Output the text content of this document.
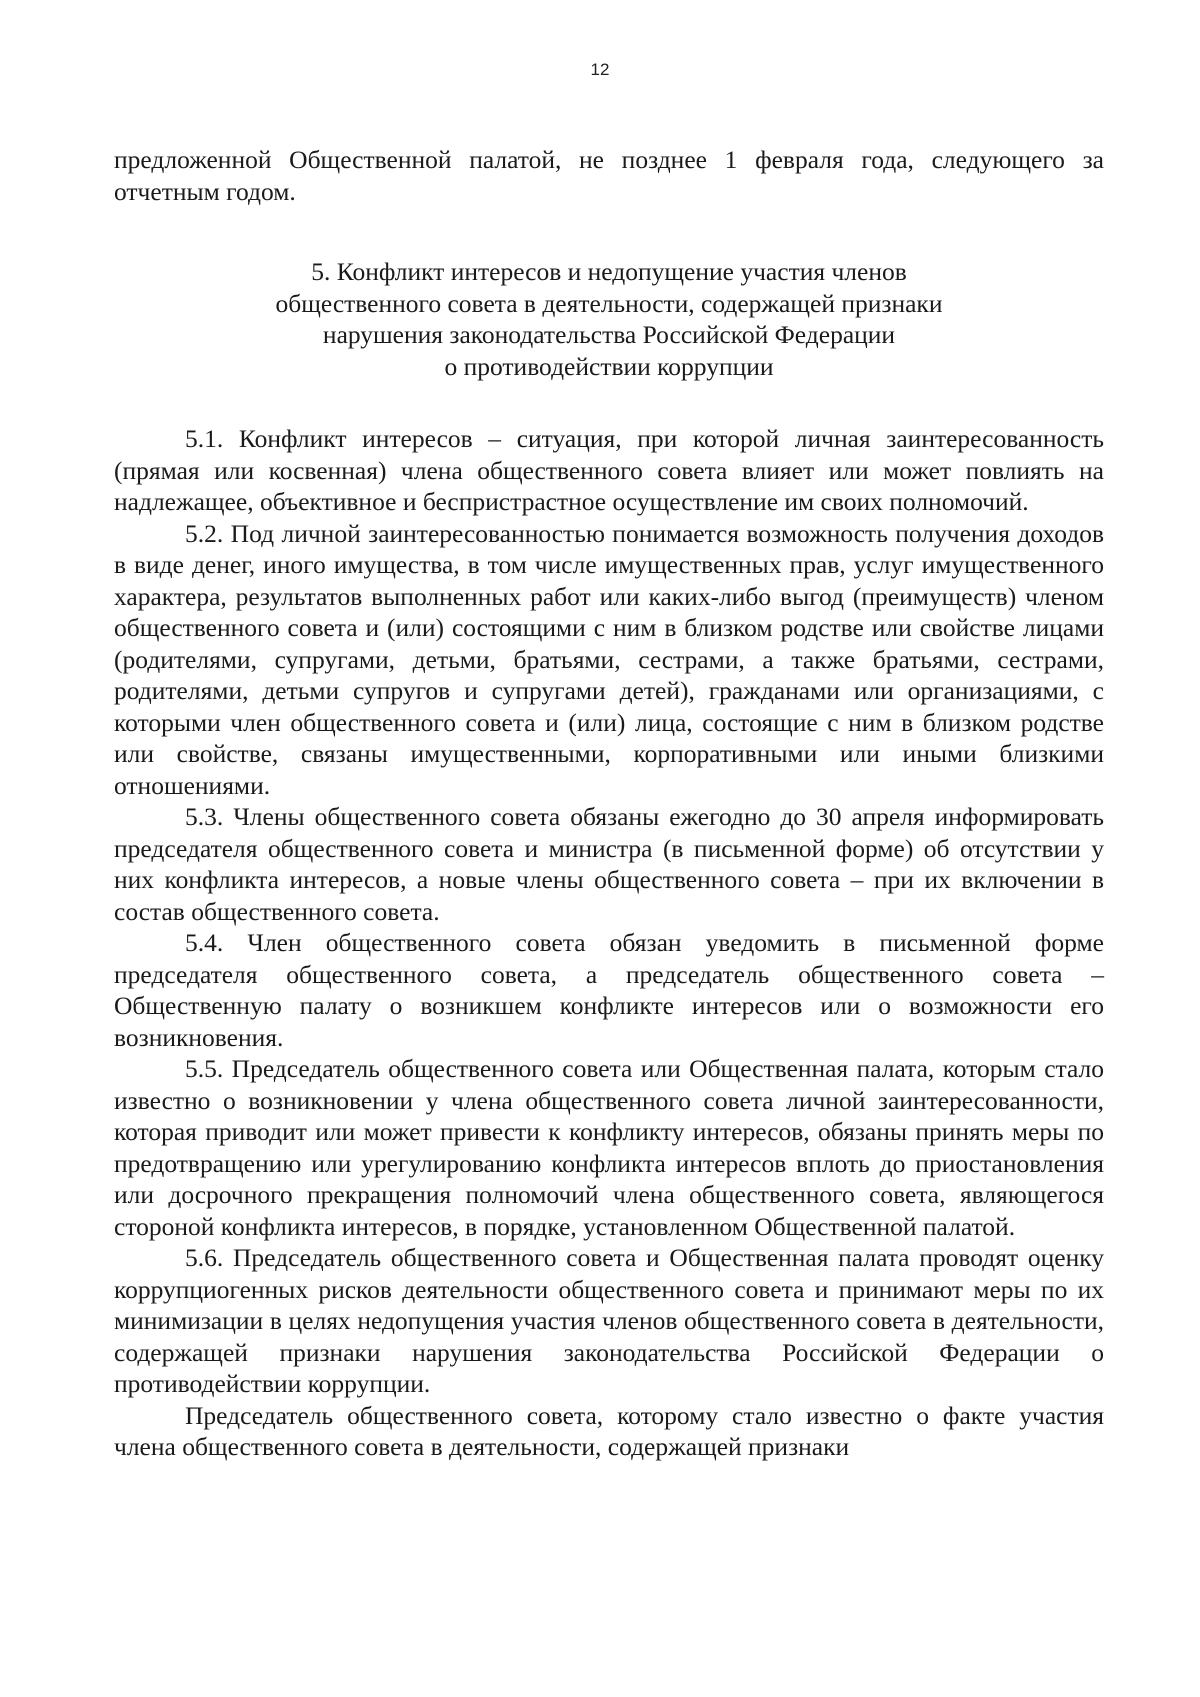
12

предложенной Общественной палатой, не позднее 1 февраля года, следующего за отчетным годом.

5. Конфликт интересов и недопущение участия членов
общественного совета в деятельности, содержащей признаки
нарушения законодательства Российской Федерации
о противодействии коррупции

5.1. Конфликт интересов – ситуация, при которой личная заинтересованность (прямая или косвенная) члена общественного совета влияет или может повлиять на надлежащее, объективное и беспристрастное осуществление им своих полномочий.

5.2. Под личной заинтересованностью понимается возможность получения доходов в виде денег, иного имущества, в том числе имущественных прав, услуг имущественного характера, результатов выполненных работ или каких-либо выгод (преимуществ) членом общественного совета и (или) состоящими с ним в близком родстве или свойстве лицами (родителями, супругами, детьми, братьями, сестрами, а также братьями, сестрами, родителями, детьми супругов и супругами детей), гражданами или организациями, с которыми член общественного совета и (или) лица, состоящие с ним в близком родстве или свойстве, связаны имущественными, корпоративными или иными близкими отношениями.

5.3. Члены общественного совета обязаны ежегодно до 30 апреля информировать председателя общественного совета и министра (в письменной форме) об отсутствии у них конфликта интересов, а новые члены общественного совета – при их включении в состав общественного совета.

5.4. Член общественного совета обязан уведомить в письменной форме председателя общественного совета, а председатель общественного совета – Общественную палату о возникшем конфликте интересов или о возможности его возникновения.

5.5. Председатель общественного совета или Общественная палата, которым стало известно о возникновении у члена общественного совета личной заинтересованности, которая приводит или может привести к конфликту интересов, обязаны принять меры по предотвращению или урегулированию конфликта интересов вплоть до приостановления или досрочного прекращения полномочий члена общественного совета, являющегося стороной конфликта интересов, в порядке, установленном Общественной палатой.

5.6. Председатель общественного совета и Общественная палата проводят оценку коррупциогенных рисков деятельности общественного совета и принимают меры по их минимизации в целях недопущения участия членов общественного совета в деятельности, содержащей признаки нарушения законодательства Российской Федерации о противодействии коррупции.

Председатель общественного совета, которому стало известно о факте участия члена общественного совета в деятельности, содержащей признаки
